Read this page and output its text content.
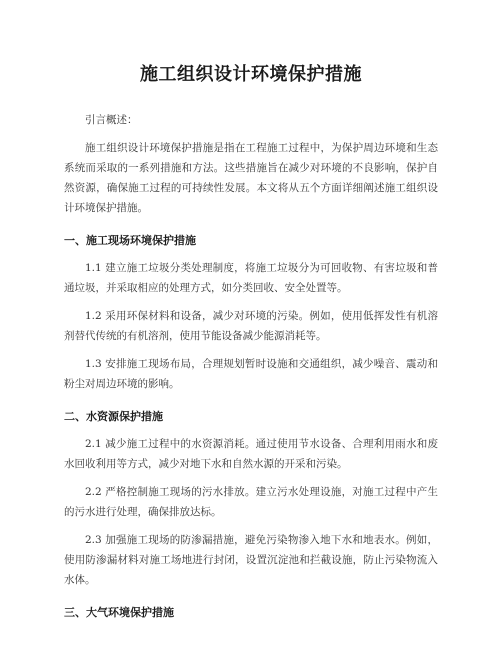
施工组织设计环境保护措施

引言概述：

施工组织设计环境保护措施是指在工程施工过程中，为保护周边环境和生态系统而采取的一系列措施和方法。这些措施旨在减少对环境的不良影响，保护自然资源，确保施工过程的可持续性发展。本文将从五个方面详细阐述施工组织设计环境保护措施。

一、施工现场环境保护措施

1.1 建立施工垃圾分类处理制度，将施工垃圾分为可回收物、有害垃圾和普通垃圾，并采取相应的处理方式，如分类回收、安全处置等。

1.2 采用环保材料和设备，减少对环境的污染。例如，使用低挥发性有机溶剂替代传统的有机溶剂，使用节能设备减少能源消耗等。

1.3 安排施工现场布局，合理规划暂时设施和交通组织，减少噪音、震动和粉尘对周边环境的影响。

二、水资源保护措施

2.1 减少施工过程中的水资源消耗。通过使用节水设备、合理利用雨水和废水回收利用等方式，减少对地下水和自然水源的开采和污染。

2.2 严格控制施工现场的污水排放。建立污水处理设施，对施工过程中产生的污水进行处理，确保排放达标。

2.3 加强施工现场的防渗漏措施，避免污染物渗入地下水和地表水。例如，使用防渗漏材料对施工场地进行封闭，设置沉淀池和拦截设施，防止污染物流入水体。

三、大气环境保护措施
